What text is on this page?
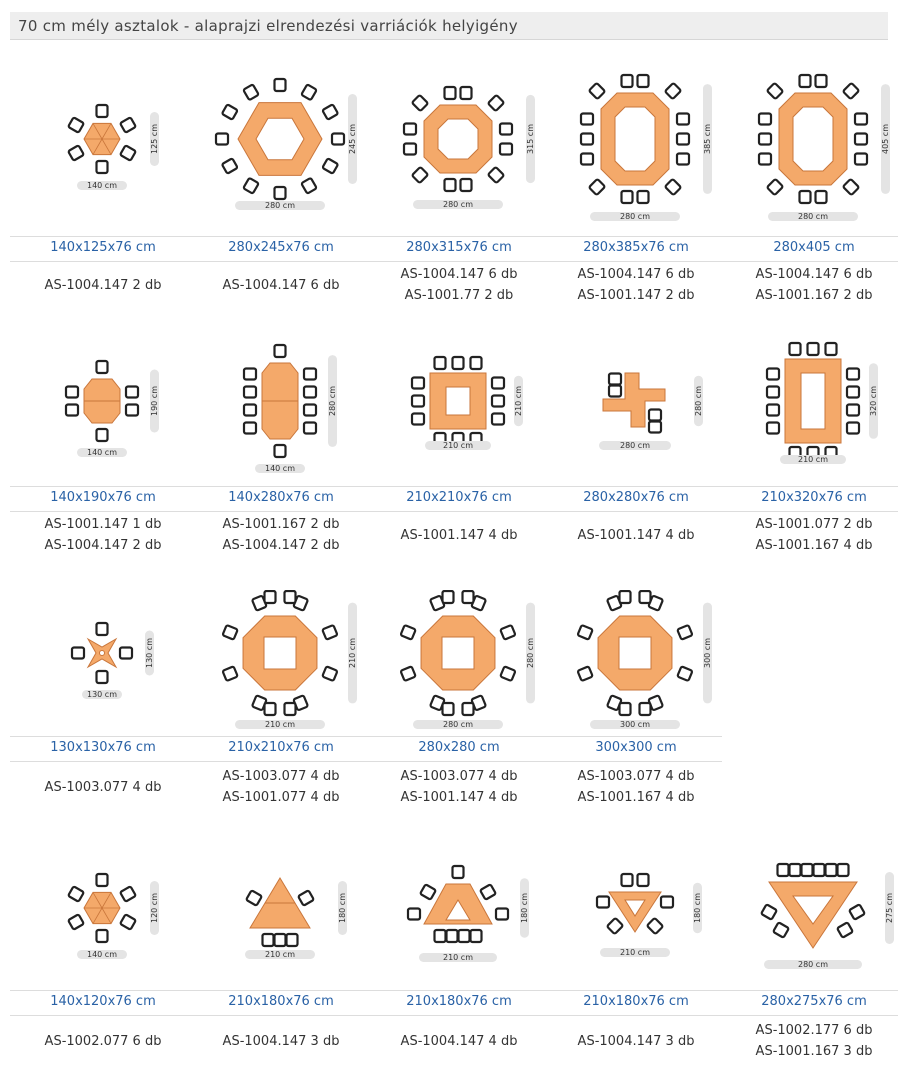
70 cm mély asztalok - alaprajzi elrendezési varriációk helyigény
140 cm
125 cm
140x125x76 cm
AS-1004.147 2 db
280 cm
245 cm
280x245x76 cm
AS-1004.147 6 db
280 cm
315 cm
280x315x76 cm
AS-1004.147 6 db
AS-1001.77 2 db
280 cm
385 cm
280x385x76 cm
AS-1004.147 6 db
AS-1001.147 2 db
280 cm
405 cm
280x405 cm
AS-1004.147 6 db
AS-1001.167 2 db
140 cm
190 cm
140x190x76 cm
AS-1001.147 1 db
AS-1004.147 2 db
140 cm
280 cm
140x280x76 cm
AS-1001.167 2 db
AS-1004.147 2 db
210 cm
210 cm
210x210x76 cm
AS-1001.147 4 db
280 cm
280 cm
280x280x76 cm
AS-1001.147 4 db
210 cm
320 cm
210x320x76 cm
AS-1001.077 2 db
AS-1001.167 4 db
130 cm
130 cm
130x130x76 cm
AS-1003.077 4 db
210 cm
210 cm
210x210x76 cm
AS-1003.077 4 db
AS-1001.077 4 db
280 cm
280 cm
280x280 cm
AS-1003.077 4 db
AS-1001.147 4 db
300 cm
300 cm
300x300 cm
AS-1003.077 4 db
AS-1001.167 4 db
140 cm
120 cm
140x120x76 cm
AS-1002.077 6 db
210 cm
180 cm
210x180x76 cm
AS-1004.147 3 db
210 cm
180 cm
210x180x76 cm
AS-1004.147 4 db
210 cm
180 cm
210x180x76 cm
AS-1004.147 3 db
280 cm
275 cm
280x275x76 cm
AS-1002.177 6 db
AS-1001.167 3 db
